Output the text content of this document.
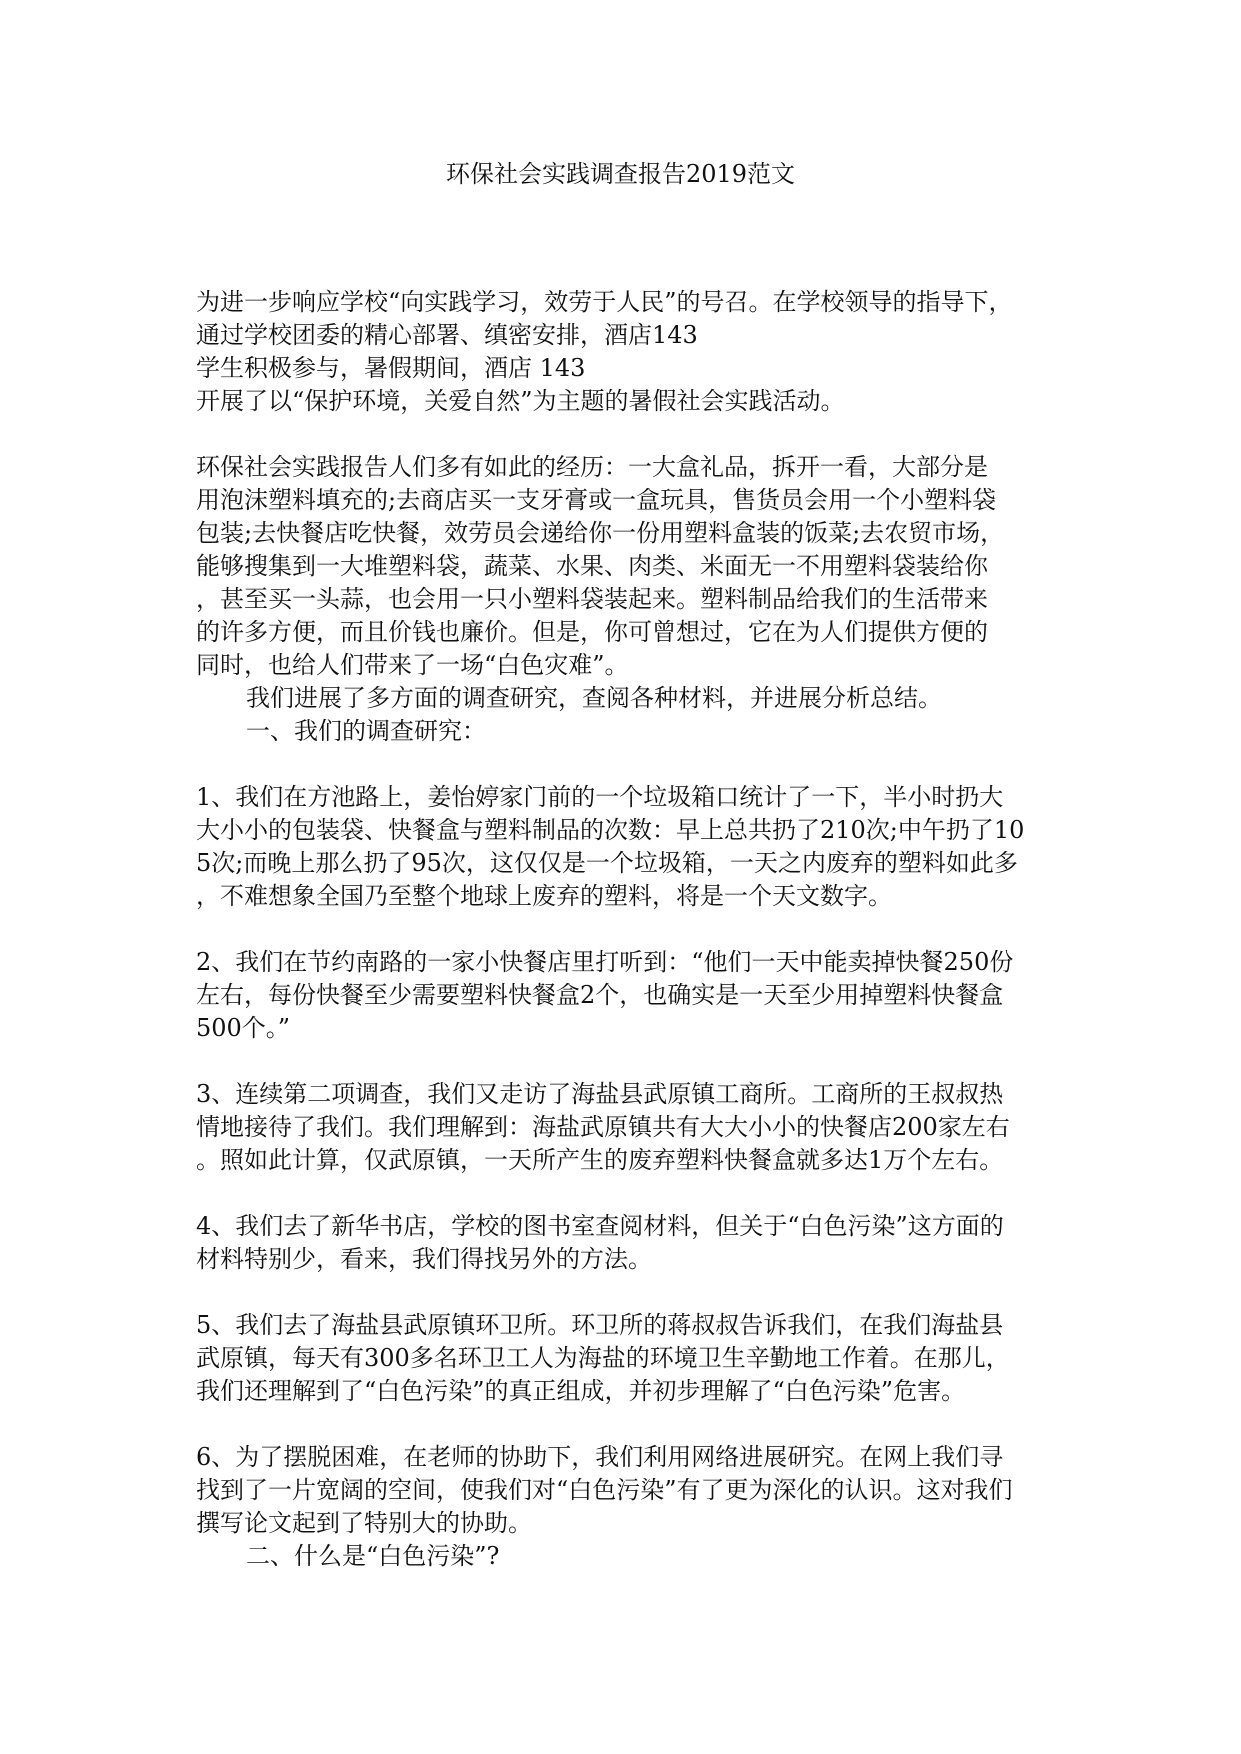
环保社会实践调查报告2019范文
为进一步响应学校“向实践学习，效劳于人民”的号召。在学校领导的指导下，
通过学校团委的精心部署、缜密安排，酒店143
学生积极参与，暑假期间，酒店 143
开展了以“保护环境，关爱自然”为主题的暑假社会实践活动。
环保社会实践报告人们多有如此的经历：一大盒礼品，拆开一看，大部分是
用泡沫塑料填充的;去商店买一支牙膏或一盒玩具，售货员会用一个小塑料袋
包装;去快餐店吃快餐，效劳员会递给你一份用塑料盒装的饭菜;去农贸市场，
能够搜集到一大堆塑料袋，蔬菜、水果、肉类、米面无一不用塑料袋装给你
，甚至买一头蒜，也会用一只小塑料袋装起来。塑料制品给我们的生活带来
的许多方便，而且价钱也廉价。但是，你可曾想过，它在为人们提供方便的
同时，也给人们带来了一场“白色灾难”。
我们进展了多方面的调查研究，查阅各种材料，并进展分析总结。
一、我们的调查研究：
1、我们在方池路上，姜怡婷家门前的一个垃圾箱口统计了一下，半小时扔大
大小小的包装袋、快餐盒与塑料制品的次数：早上总共扔了210次;中午扔了10
5次;而晚上那么扔了95次，这仅仅是一个垃圾箱，一天之内废弃的塑料如此多
，不难想象全国乃至整个地球上废弃的塑料，将是一个天文数字。
2、我们在节约南路的一家小快餐店里打听到：“他们一天中能卖掉快餐250份
左右，每份快餐至少需要塑料快餐盒2个，也确实是一天至少用掉塑料快餐盒
500个。”
3、连续第二项调查，我们又走访了海盐县武原镇工商所。工商所的王叔叔热
情地接待了我们。我们理解到：海盐武原镇共有大大小小的快餐店200家左右
。照如此计算，仅武原镇，一天所产生的废弃塑料快餐盒就多达1万个左右。
4、我们去了新华书店，学校的图书室查阅材料，但关于“白色污染”这方面的
材料特别少，看来，我们得找另外的方法。
5、我们去了海盐县武原镇环卫所。环卫所的蒋叔叔告诉我们，在我们海盐县
武原镇，每天有300多名环卫工人为海盐的环境卫生辛勤地工作着。在那儿，
我们还理解到了“白色污染”的真正组成，并初步理解了“白色污染”危害。
6、为了摆脱困难，在老师的协助下，我们利用网络进展研究。在网上我们寻
找到了一片宽阔的空间，使我们对“白色污染”有了更为深化的认识。这对我们
撰写论文起到了特别大的协助。
二、什么是“白色污染”?
